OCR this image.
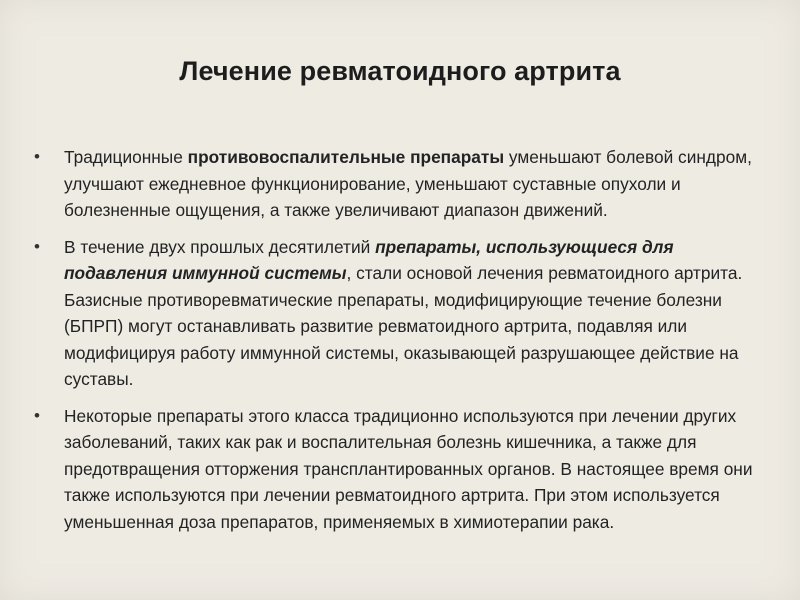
Лечение ревматоидного артрита
• Традиционные противовоспалительные препараты уменьшают болевой синдром, улучшают ежедневное функционирование, уменьшают суставные опухоли и болезненные ощущения, а также увеличивают диапазон движений.
• В течение двух прошлых десятилетий препараты, использующиеся для подавления иммунной системы, стали основой лечения ревматоидного артрита. Базисные противоревматические препараты, модифицирующие течение болезни (БПРП) могут останавливать развитие ревматоидного артрита, подавляя или модифицируя работу иммунной системы, оказывающей разрушающее действие на суставы.
• Некоторые препараты этого класса традиционно используются при лечении других заболеваний, таких как рак и воспалительная болезнь кишечника, а также для предотвращения отторжения трансплантированных органов. В настоящее время они также используются при лечении ревматоидного артрита. При этом используется уменьшенная доза препаратов, применяемых в химиотерапии рака.
